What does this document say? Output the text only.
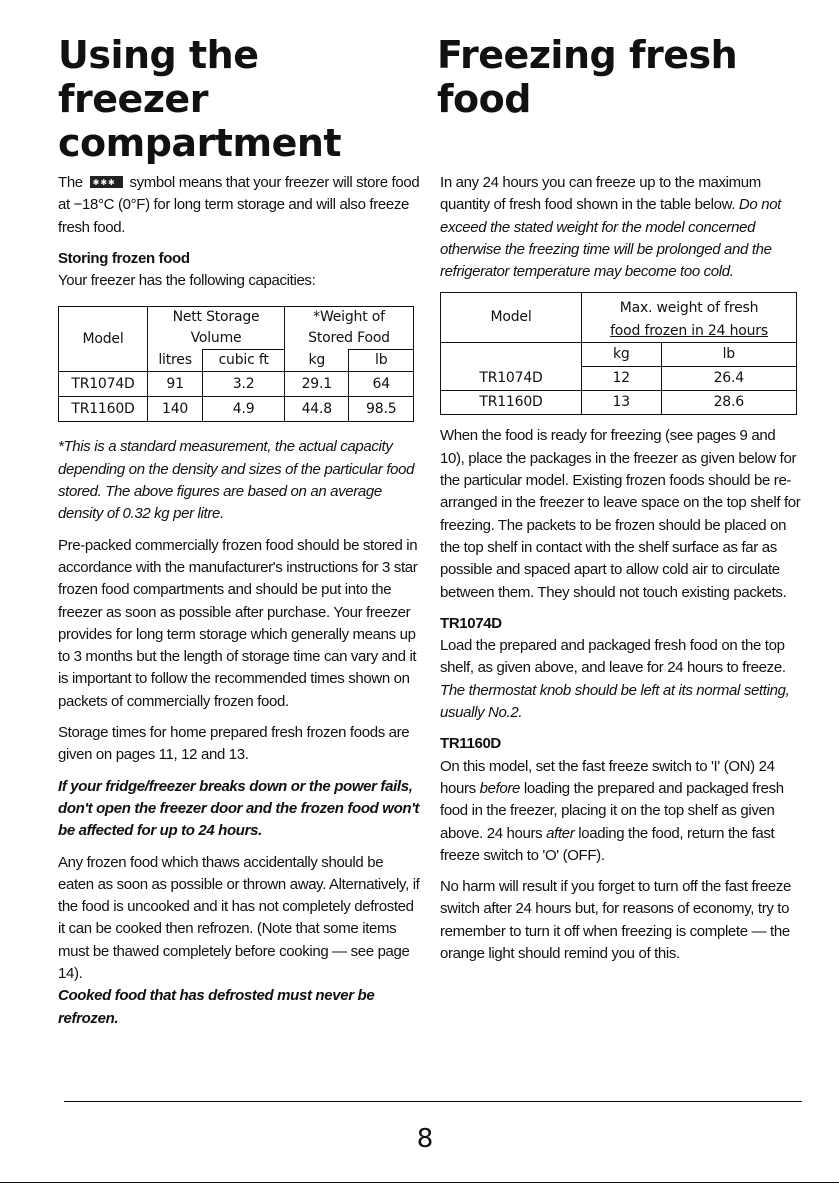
Using the freezer compartment
Freezing fresh food

The ✱✱✱	symbol means that your freezer will store food at −18°C (0°F) for long term storage and will also freeze fresh food.

Storing frozen food

Your freezer has the following capacities:

Model	Nett Storage		*Weight of	
	Volume		Stored Food	
	litres	cubic ft	kg	lb
TR1074D	91	3.2	29.1	64
TR1160D	140	4.9	44.8	98.5

*This is a standard measurement, the actual capacity depending on the density and sizes of the particular food stored. The above figures are based on an average density of 0.32 kg per litre.

Pre-packed commercially frozen food should be stored in accordance with the manufacturer's instructions for 3 star frozen food compartments and should be put into the freezer as soon as possible after purchase. Your freezer provides for long term storage which generally means up to 3 months but the length of storage time can vary and it is important to follow the recommended times shown on packets of commercially frozen food.

Storage times for home prepared fresh frozen foods are given on pages 11, 12 and 13.

If your fridge/freezer breaks down or the power fails, don't open the freezer door and the frozen food won't be affected for up to 24 hours.

Any frozen food which thaws accidentally should be eaten as soon as possible or thrown away. Alternatively, if the food is uncooked and it has not completely defrosted it can be cooked then refrozen. (Note that some items must be thawed completely before cooking — see page 14).

Cooked food that has defrosted must never be refrozen.

In any 24 hours you can freeze up to the maximum quantity of fresh food shown in the table below. Do not exceed the stated weight for the model concerned otherwise the freezing time will be prolonged and the refrigerator temperature may become too cold.

Model	Max. weight of fresh	
	food frozen in 24 hours	
	kg	lb
TR1074D	12	26.4
TR1160D	13	28.6

When the food is ready for freezing (see pages 9 and 10), place the packages in the freezer as given below for the particular model. Existing frozen foods should be re-arranged in the freezer to leave space on the top shelf for freezing. The packets to be frozen should be placed on the top shelf in contact with the shelf surface as far as possible and spaced apart to allow cold air to circulate between them. They should not touch existing packets.

TR1074D

Load the prepared and packaged fresh food on the top shelf, as given above, and leave for 24 hours to freeze. The thermostat knob should be left at its normal setting, usually No.2.

TR1160D

On this model, set the fast freeze switch to 'I' (ON) 24 hours before loading the prepared and packaged fresh food in the freezer, placing it on the top shelf as given above. 24 hours after loading the food, return the fast freeze switch to 'O' (OFF).

No harm will result if you forget to turn off the fast freeze switch after 24 hours but, for reasons of economy, try to remember to turn it off when freezing is complete — the orange light should remind you of this.

8
